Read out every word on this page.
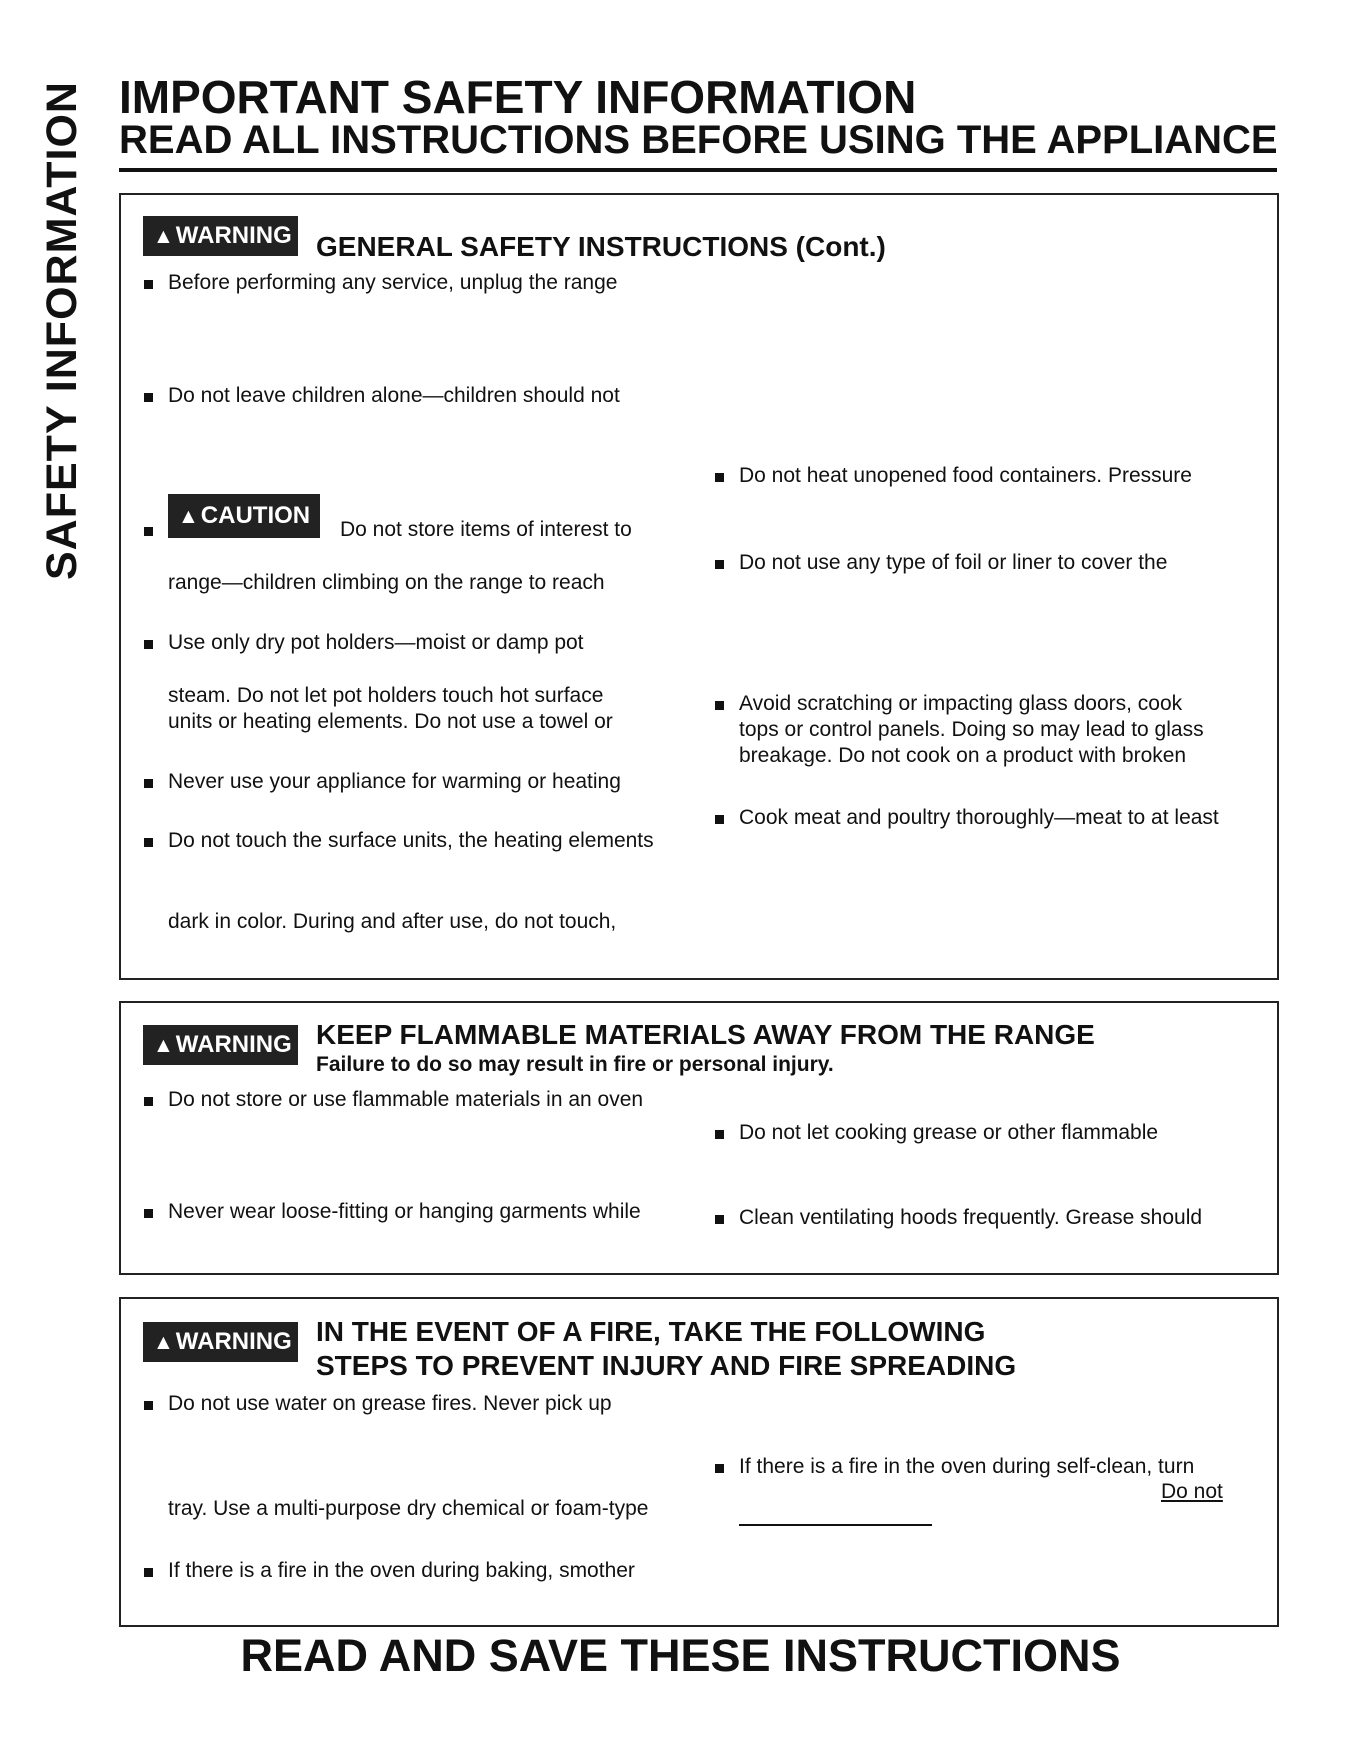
SAFETY INFORMATION IMPORTANT SAFETY INFORMATION
READ ALL INSTRUCTIONS BEFORE USING THE APPLIANCE
▲WARNING GENERAL SAFETY INSTRUCTIONS (Cont.)
Before performing any service, unplug the range
Do not leave children alone—children should not
▲CAUTION
Do not store items of interest to
range—children climbing on the range to reach
Use only dry pot holders—moist or damp pot
steam. Do not let pot holders touch hot surface
units or heating elements. Do not use a towel or
Never use your appliance for warming or heating
Do not touch the surface units, the heating elements
dark in color. During and after use, do not touch,
Do not heat unopened food containers. Pressure
Do not use any type of foil or liner to cover the
Avoid scratching or impacting glass doors, cook
tops or control panels. Doing so may lead to glass
breakage. Do not cook on a product with broken
Cook meat and poultry thoroughly—meat to at least
▲WARNING KEEP FLAMMABLE MATERIALS AWAY FROM THE RANGE
Failure to do so may result in fire or personal injury.
Do not store or use flammable materials in an oven
Never wear loose-fitting or hanging garments while
Do not let cooking grease or other flammable
Clean ventilating hoods frequently. Grease should
▲WARNING IN THE EVENT OF A FIRE, TAKE THE FOLLOWING
STEPS TO PREVENT INJURY AND FIRE SPREADING
Do not use water on grease fires. Never pick up
tray. Use a multi-purpose dry chemical or foam-type
If there is a fire in the oven during baking, smother
If there is a fire in the oven during self-clean, turn
Do not
READ AND SAVE THESE INSTRUCTIONS
